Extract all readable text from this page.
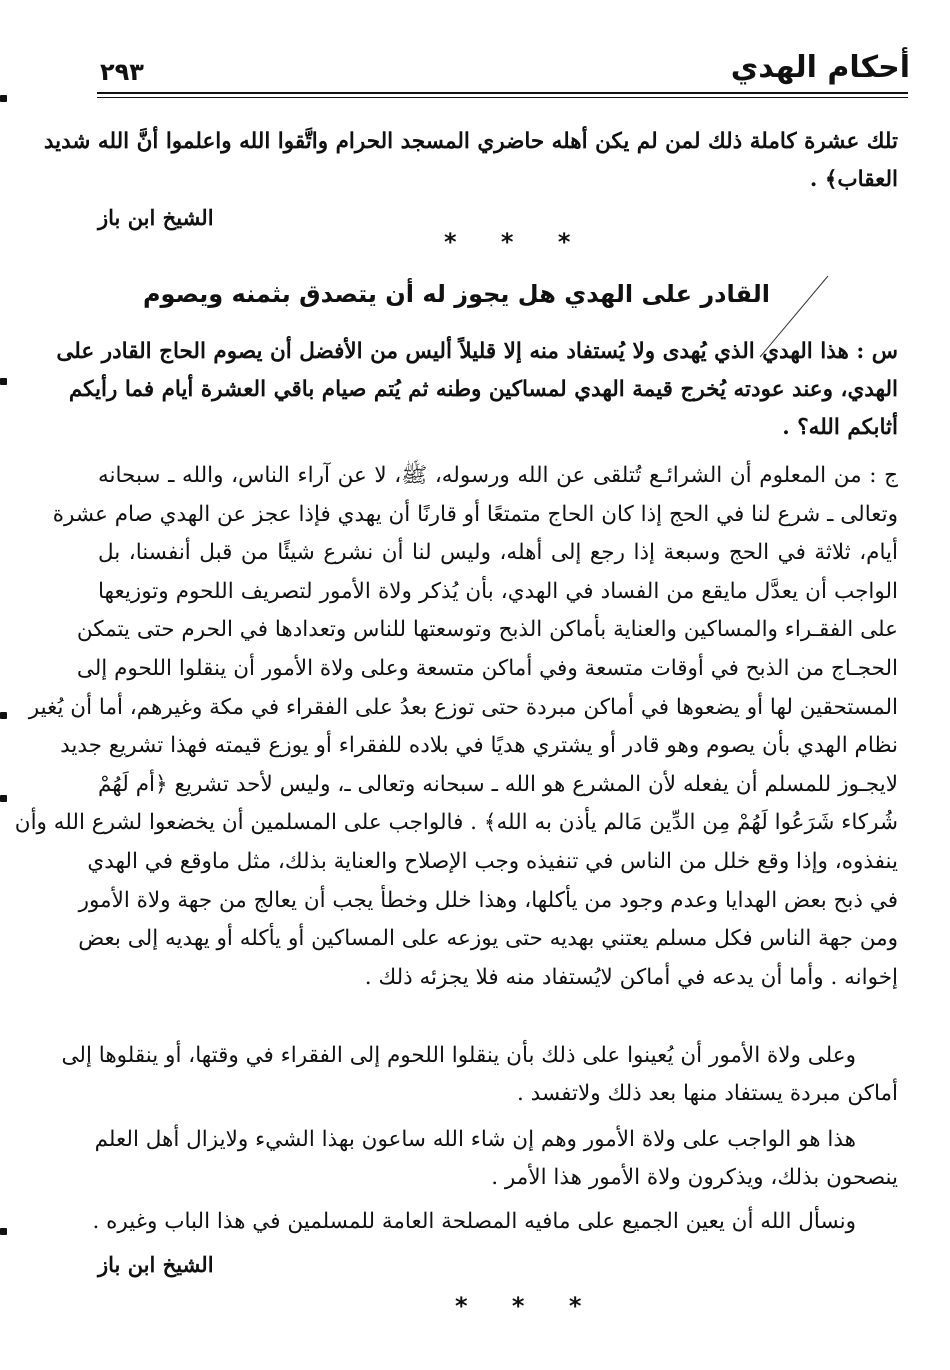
أحكام الهدي
٢٩٣

تلك عشرة كاملة ذلك لمن لم يكن أهله حاضري المسجد الحرام واتَّقوا الله واعلموا أنَّ الله شديد

العقاب﴾ .

الشيخ ابن باز

* * *
القادر على الهدي هل يجوز له أن يتصدق بثمنه ويصوم

س : هذا الهدي الذي يُهدى ولا يُستفاد منه إلا قليلاً أليس من الأفضل أن يصوم الحاج القادر على

الهدي، وعند عودته يُخرج قيمة الهدي لمساكين وطنه ثم يُتم صيام باقي العشرة أيام فما رأيكم

أثابكم الله؟ .

ج : من المعلوم أن الشرائـع تُتلقى عن الله ورسوله، ﷺ، لا عن آراء الناس، والله ـ سبحانه

وتعالى ـ شرع لنا في الحج إذا كان الحاج متمتعًا أو قارنًا أن يهدي فإذا عجز عن الهدي صام عشرة

أيام، ثلاثة في الحج وسبعة إذا رجع إلى أهله، وليس لنا أن نشرع شيئًا من قبل أنفسنا، بل

الواجب أن يعدَّل مايقع من الفساد في الهدي، بأن يُذكر ولاة الأمور لتصريف اللحوم وتوزيعها

على الفقـراء والمساكين والعناية بأماكن الذبح وتوسعتها للناس وتعدادها في الحرم حتى يتمكن

الحجـاج من الذبح في أوقات متسعة وفي أماكن متسعة وعلى ولاة الأمور أن ينقلوا اللحوم إلى

المستحقين لها أو يضعوها في أماكن مبردة حتى توزع بعدُ على الفقراء في مكة وغيرهم، أما أن يُغير

نظام الهدي بأن يصوم وهو قادر أو يشتري هديًا في بلاده للفقراء أو يوزع قيمته فهذا تشريع جديد

لايجـوز للمسلم أن يفعله لأن المشرع هو الله ـ سبحانه وتعالى ـ، وليس لأحد تشريع ﴿أم لَهُمْ

شُركاء شَرَعُوا لَهُمْ مِن الدِّين مَالم يأذن به الله﴾ . فالواجب على المسلمين أن يخضعوا لشرع الله وأن

ينفذوه، وإذا وقع خلل من الناس في تنفيذه وجب الإصلاح والعناية بذلك، مثل ماوقع في الهدي

في ذبح بعض الهدايا وعدم وجود من يأكلها، وهذا خلل وخطأ يجب أن يعالج من جهة ولاة الأمور

ومن جهة الناس فكل مسلم يعتني بهديه حتى يوزعه على المساكين أو يأكله أو يهديه إلى بعض

إخوانه . وأما أن يدعه في أماكن لايُستفاد منه فلا يجزئه ذلك .

وعلى ولاة الأمور أن يُعينوا على ذلك بأن ينقلوا اللحوم إلى الفقراء في وقتها، أو ينقلوها إلى

أماكن مبردة يستفاد منها بعد ذلك ولاتفسد .

هذا هو الواجب على ولاة الأمور وهم إن شاء الله ساعون بهذا الشيء ولايزال أهل العلم

ينصحون بذلك، ويذكرون ولاة الأمور هذا الأمر .

ونسأل الله أن يعين الجميع على مافيه المصلحة العامة للمسلمين في هذا الباب وغيره .

الشيخ ابن باز

* * *
